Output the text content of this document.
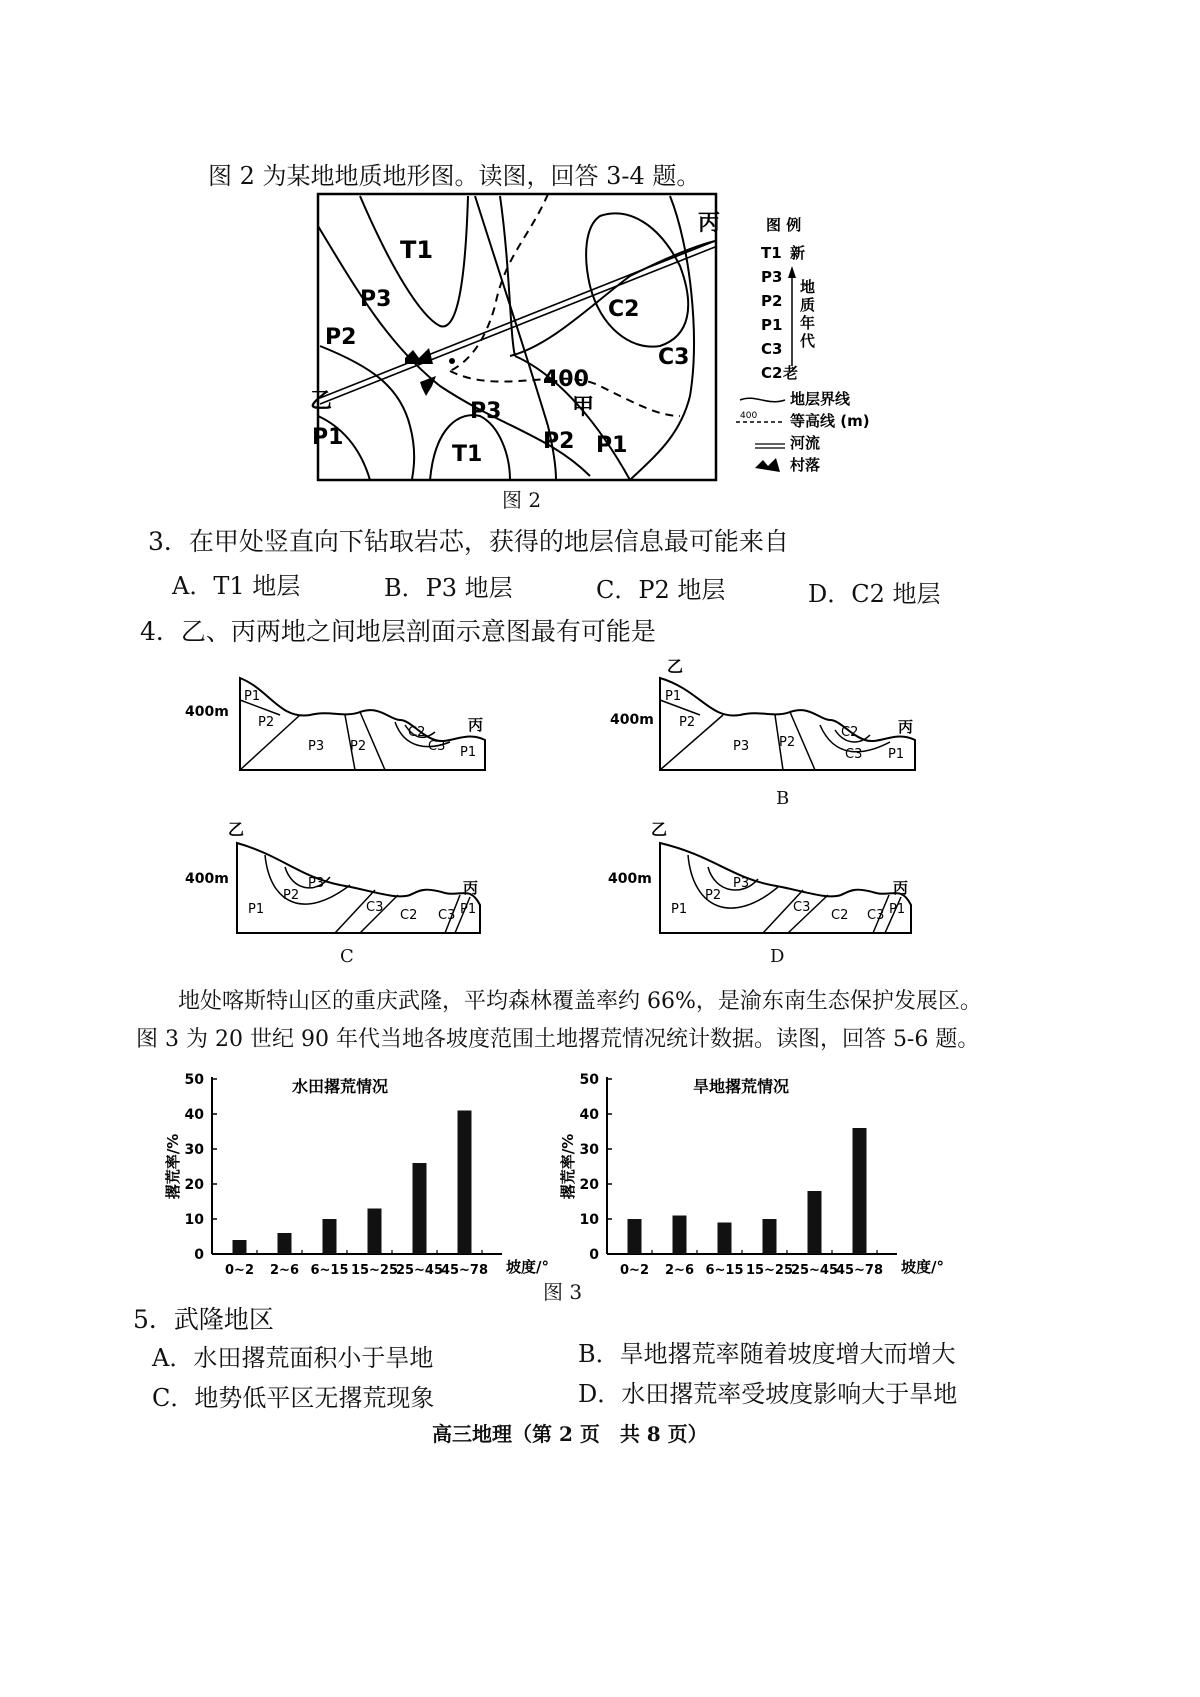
图 2 为某地地质地形图。读图，回答 3-4 题。
T1
P3
P2
P1
C3
C2
P3
T1
P2 P1
400
甲
乙
丙	图 例
T1
P3
P2
P1
C3
C2
新
老
地质年代
地层界线
等高线 (m)
河流
村落
400
图 2
3．在甲处竖直向下钻取岩芯，获得的地层信息最可能来自
A．T1 地层	B．P3 地层	C．P2 地层	D．C2 地层
4．乙、丙两地之间地层剖面示意图最有可能是
400m
丙
P1
P2
P3 P2
C2
C3 P1
乙
400m	丙
P1
P2
P3 P2
C2
C3 P1
B
乙
400m	丙
P1
P2
P3
C3
C2 C3 P1
C
乙
400m	丙
P1
P2
P3
C3
C2 C3 P1
D
地处喀斯特山区的重庆武隆，平均森林覆盖率约 66%，是渝东南生态保护发展区。
图 3 为 20 世纪 90 年代当地各坡度范围土地撂荒情况统计数据。读图，回答 5-6 题。
0
10
20
30
40
50	水田撂荒情况
撂荒率/%
0~2 2~6 6~15 15~25
25~45
45~78 坡度/°
0
10
20
30
40
50	旱地撂荒情况
撂荒率/%
0~2 2~6 6~15 15~25
25~45
45~78 坡度/°
图 3
5．武隆地区
A．水田撂荒面积小于旱地	B．旱地撂荒率随着坡度增大而增大
C．地势低平区无撂荒现象	D．水田撂荒率受坡度影响大于旱地
高三地理（第 2 页　共 8 页）
